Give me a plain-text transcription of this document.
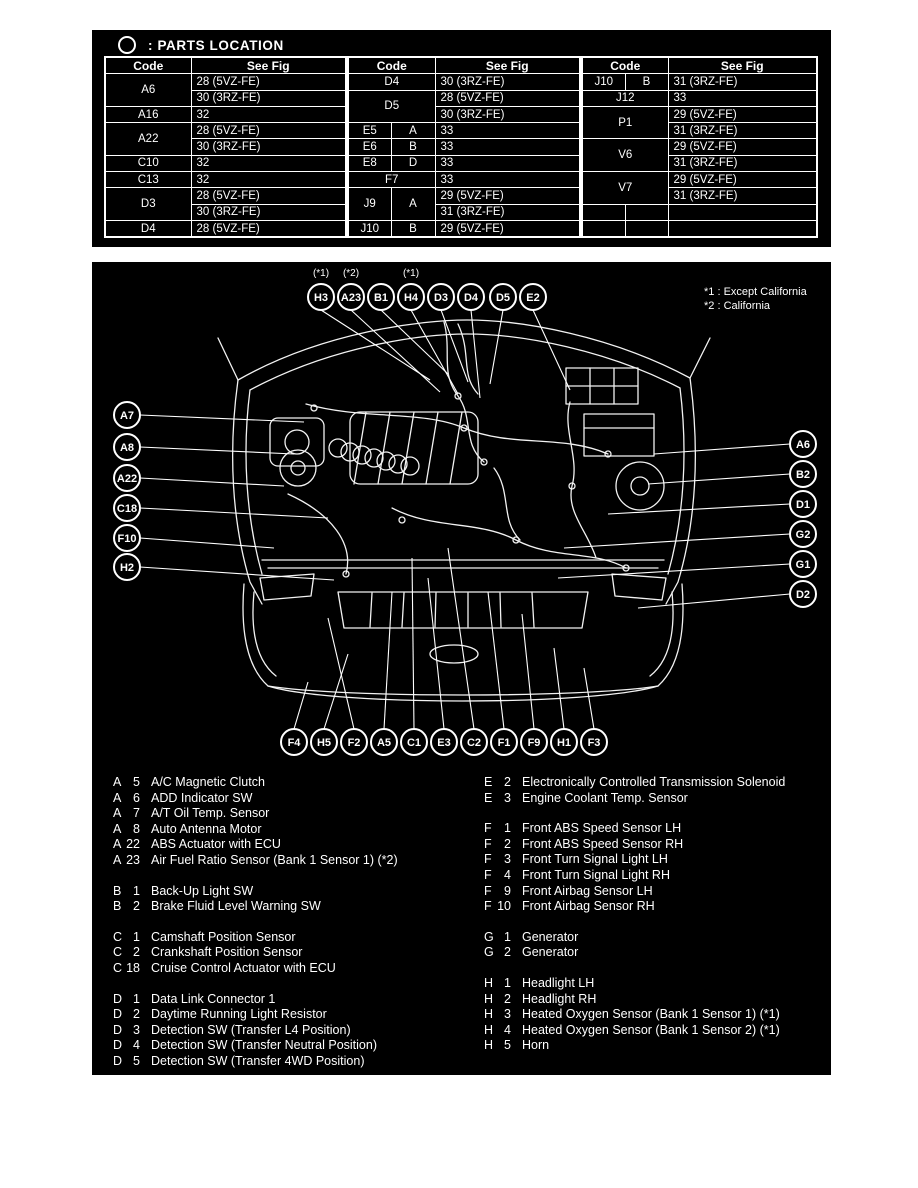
: PARTS LOCATION
Code	See Fig
A6	28 (5VZ-FE)
	30 (3RZ-FE)
A16	32
A22	28 (5VZ-FE)
	30 (3RZ-FE)
C10	32
C13	32
D3	28 (5VZ-FE)
	30 (3RZ-FE)
D4	28 (5VZ-FE)
Code		See Fig
D4		30 (3RZ-FE)
D5		28 (5VZ-FE)
		30 (3RZ-FE)
E5	A	33
E6	B	33
E8	D	33
F7		33
J9	A	29 (5VZ-FE)
		31 (3RZ-FE)
J10	B	29 (5VZ-FE)
Code		See Fig
J10	B	31 (3RZ-FE)
J12		33
P1		29 (5VZ-FE)
		31 (3RZ-FE)
V6		29 (5VZ-FE)
		31 (3RZ-FE)
V7		29 (5VZ-FE)
		31 (3RZ-FE)

H3
(*1)
A23
(*2)
B1 H4
(*1)
D3 D4 D5 E2
A7
A8
A22
C18
F10
H2
A6
B2
D1
G2
G1
D2
F4 H5 F2 A5 C1 E3 C2 F1 F9 H1 F3
*1 : Except California
*2 : California
A 5 A/C Magnetic Clutch
A 6 ADD Indicator SW
A 7 A/T Oil Temp. Sensor
A 8 Auto Antenna Motor
A 22 ABS Actuator with ECU
A 23 Air Fuel Ratio Sensor (Bank 1 Sensor 1) (*2)
B 1 Back-Up Light SW
B 2 Brake Fluid Level Warning SW
C 1 Camshaft Position Sensor
C 2 Crankshaft Position Sensor
C 18 Cruise Control Actuator with ECU
D 1 Data Link Connector 1
D 2 Daytime Running Light Resistor
D 3 Detection SW (Transfer L4 Position)
D 4 Detection SW (Transfer Neutral Position)
D 5 Detection SW (Transfer 4WD Position)
E 2 Electronically Controlled Transmission Solenoid
E 3 Engine Coolant Temp. Sensor
F 1 Front ABS Speed Sensor LH
F 2 Front ABS Speed Sensor RH
F 3 Front Turn Signal Light LH
F 4 Front Turn Signal Light RH
F 9 Front Airbag Sensor LH
F 10 Front Airbag Sensor RH
G 1 Generator
G 2 Generator
H 1 Headlight LH
H 2 Headlight RH
H 3 Heated Oxygen Sensor (Bank 1 Sensor 1) (*1)
H 4 Heated Oxygen Sensor (Bank 1 Sensor 2) (*1)
H 5 Horn
